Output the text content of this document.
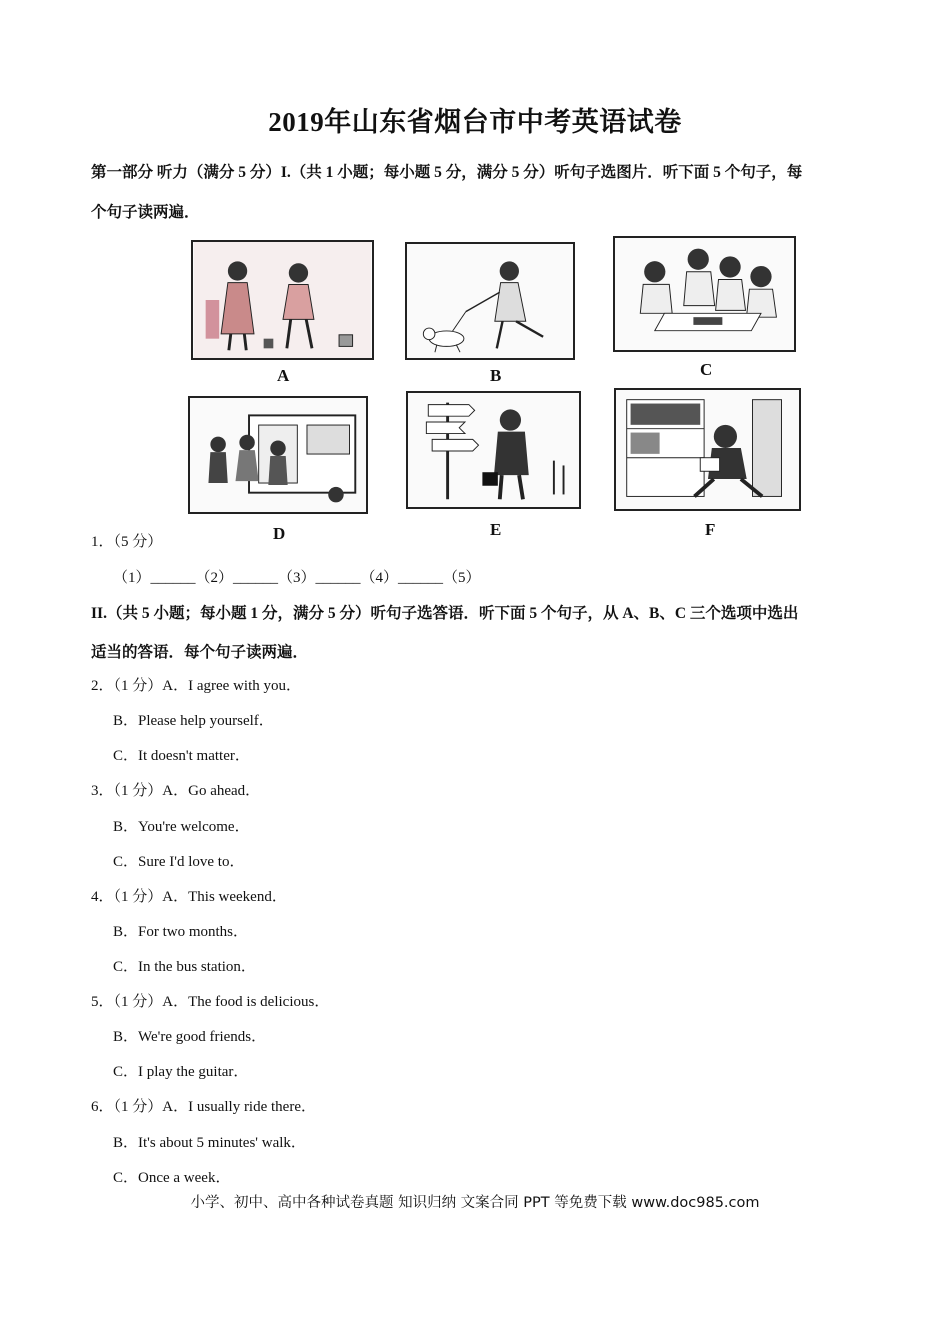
2019年山东省烟台市中考英语试卷
第一部分 听力（满分 5 分）I.（共 1 小题；每小题 5 分，满分 5 分）听句子选图片．听下面 5 个句子，每
个句子读两遍．
A	B	C
D	E	F
1．（5 分）
（1）______（2）______（3）______（4）______（5）
II.（共 5 小题；每小题 1 分，满分 5 分）听句子选答语．听下面 5 个句子，从 A、B、C 三个选项中选出
适当的答语．每个句子读两遍．
2．（1 分）A．I agree with you．
B．Please help yourself．
C．It doesn't matter．
3．（1 分）A．Go ahead．
B．You're welcome．
C．Sure I'd love to．
4．（1 分）A．This weekend．
B．For two months．
C．In the bus station．
5．（1 分）A．The food is delicious．
B．We're good friends．
C．I play the guitar．
6．（1 分）A．I usually ride there．
B．It's about 5 minutes' walk．
C．Once a week．
小学、初中、高中各种试卷真题 知识归纳 文案合同 PPT 等免费下载 www.doc985.com
